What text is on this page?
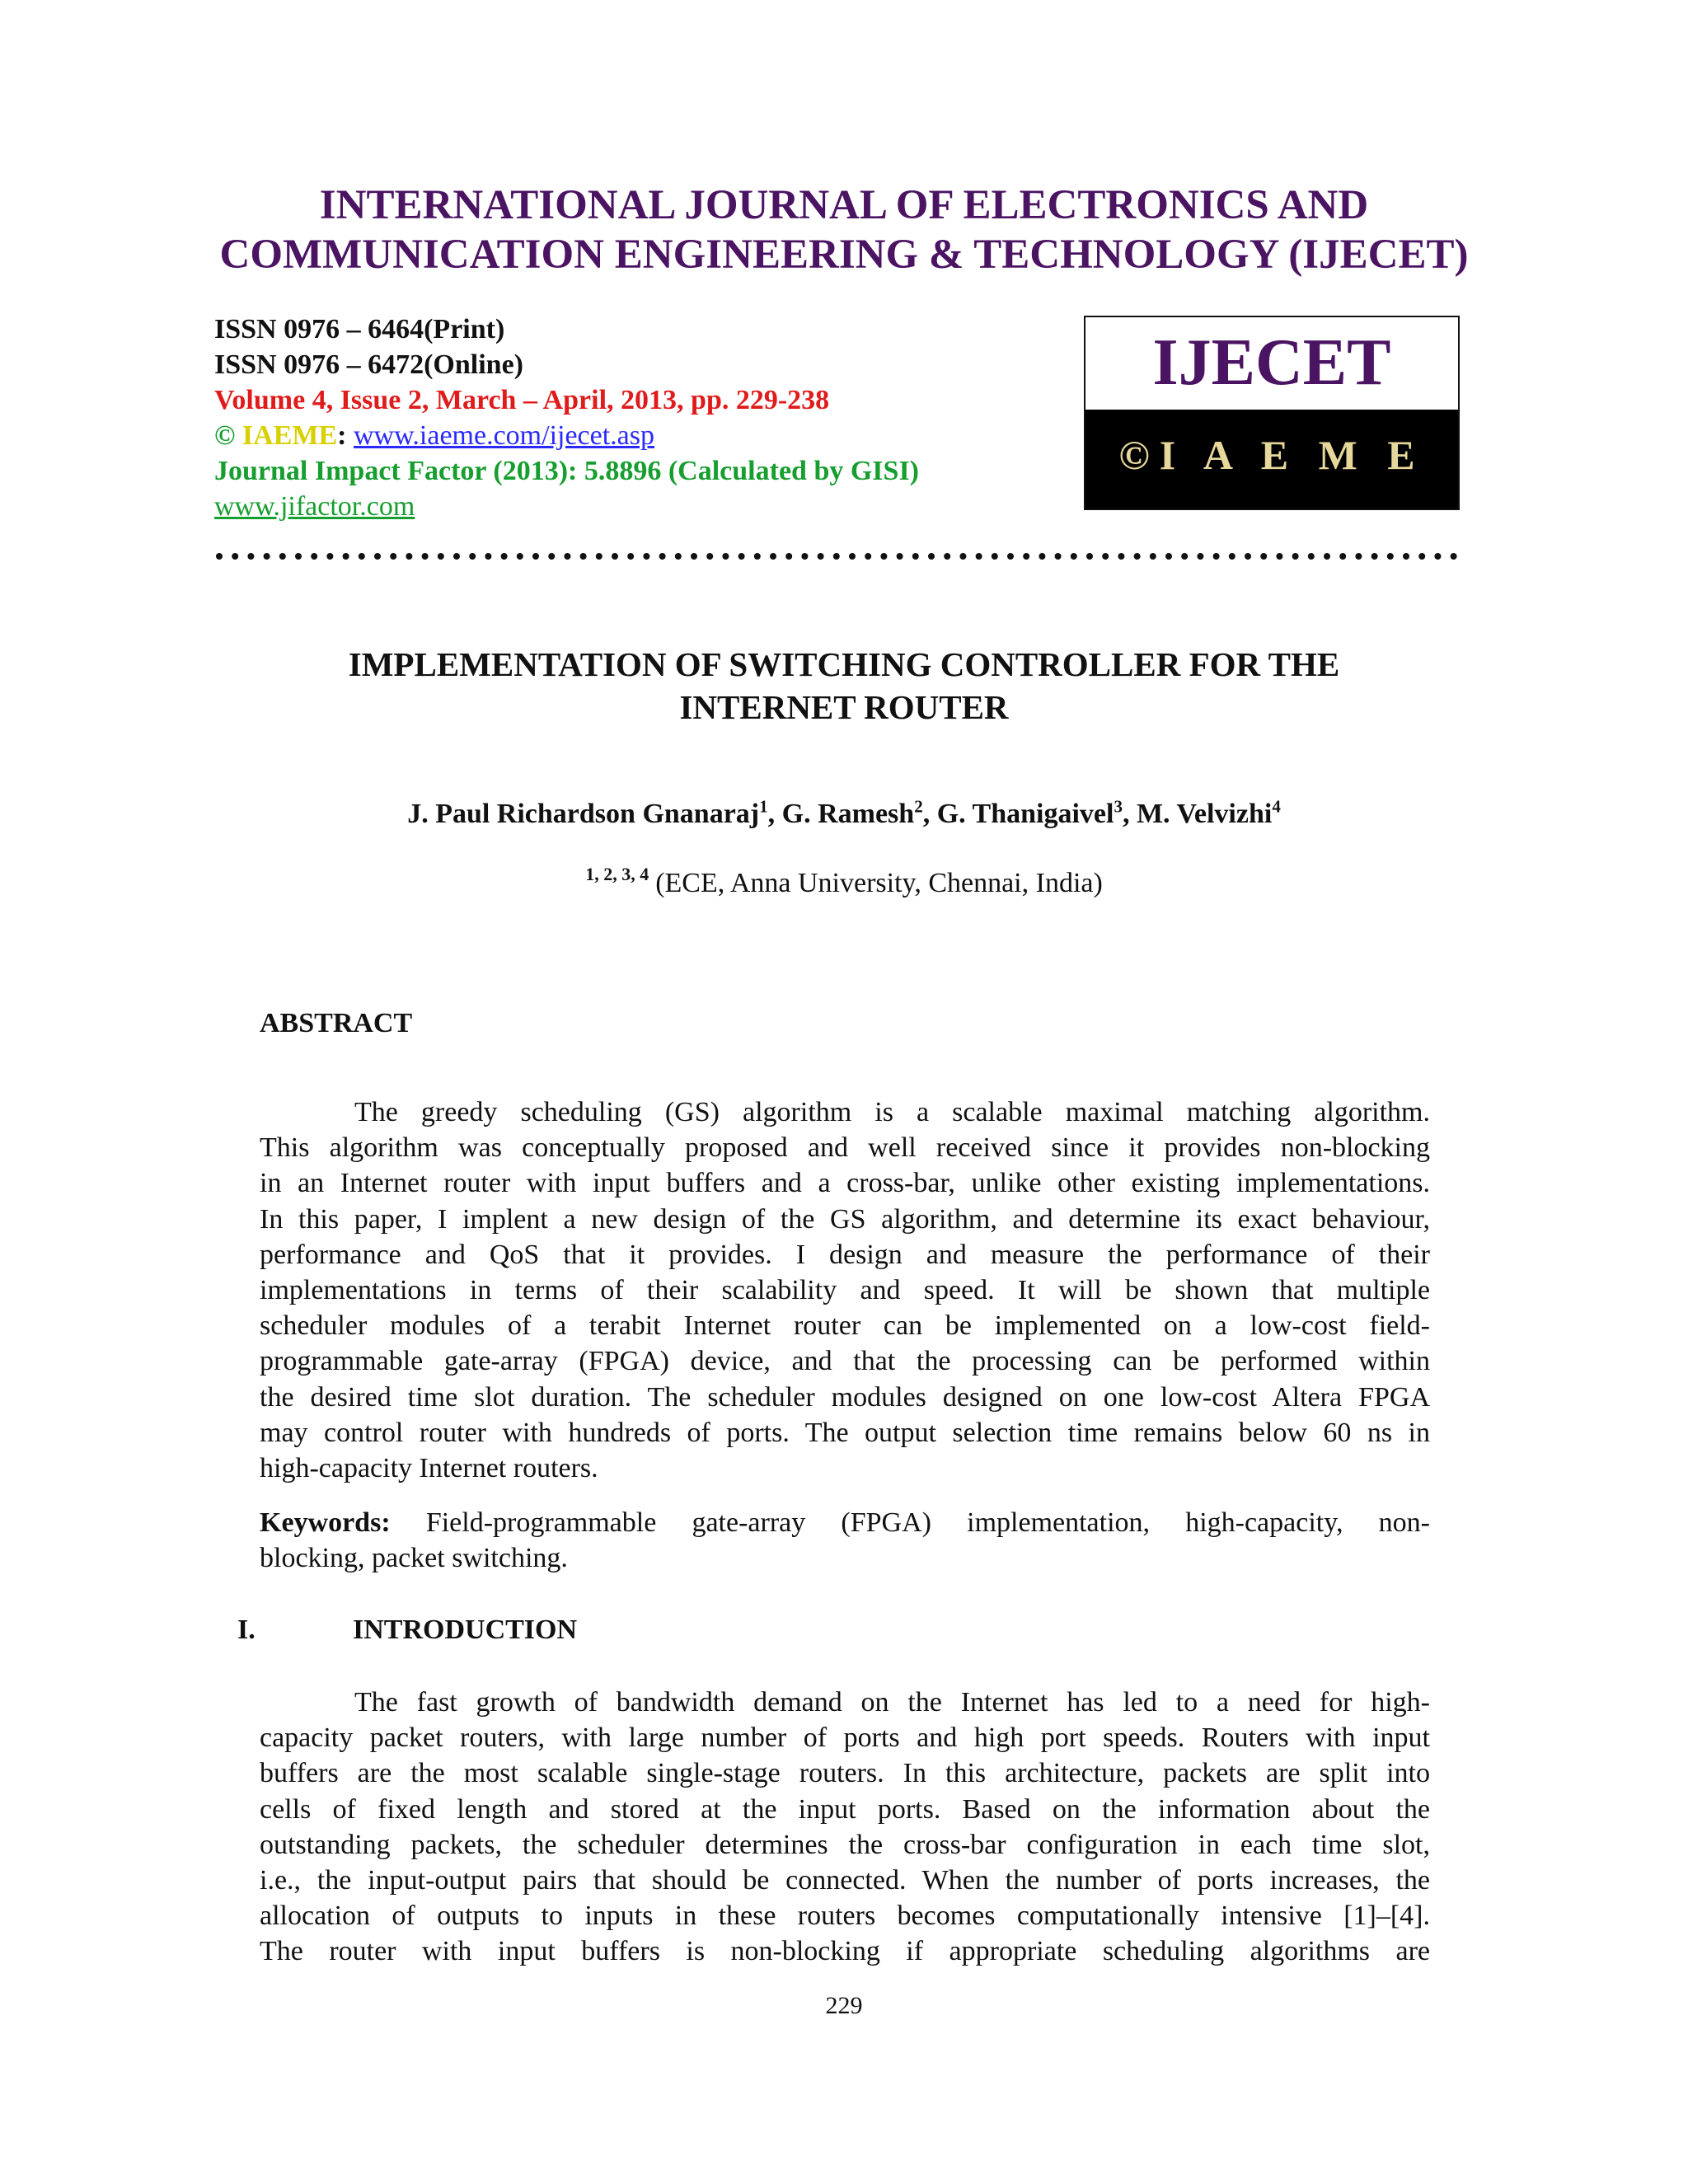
INTERNATIONAL JOURNAL OF ELECTRONICS AND
COMMUNICATION ENGINEERING & TECHNOLOGY (IJECET)
ISSN 0976 – 6464(Print)
ISSN 0976 – 6472(Online)
Volume 4, Issue 2, March – April, 2013, pp. 229-238
© IAEME: www.iaeme.com/ijecet.asp
Journal Impact Factor (2013): 5.8896 (Calculated by GISI)
www.jifactor.com
IJECET
©I A E M E
IMPLEMENTATION OF SWITCHING CONTROLLER FOR THE
INTERNET ROUTER
J. Paul Richardson Gnanaraj$^1$, G. Ramesh$^2$, G. Thanigaivel$^3$, M. Velvizhi$^4$
$^{1, 2, 3, 4}$ (ECE, Anna University, Chennai, India)
ABSTRACT
The greedy scheduling (GS) algorithm is a scalable maximal matching algorithm.
This algorithm was conceptually proposed and well received since it provides non-blocking
in an Internet router with input buffers and a cross-bar, unlike other existing implementations.
In this paper, I implent a new design of the GS algorithm, and determine its exact behaviour,
performance and QoS that it provides. I design and measure the performance of their
implementations in terms of their scalability and speed. It will be shown that multiple
scheduler modules of a terabit Internet router can be implemented on a low-cost field-
programmable gate-array (FPGA) device, and that the processing can be performed within
the desired time slot duration. The scheduler modules designed on one low-cost Altera FPGA
may control router with hundreds of ports. The output selection time remains below 60 ns in
high-capacity Internet routers.
Keywords: Field-programmable gate-array (FPGA) implementation, high-capacity, non-
blocking, packet switching.
I.	INTRODUCTION
The fast growth of bandwidth demand on the Internet has led to a need for high-
capacity packet routers, with large number of ports and high port speeds. Routers with input
buffers are the most scalable single-stage routers. In this architecture, packets are split into
cells of fixed length and stored at the input ports. Based on the information about the
outstanding packets, the scheduler determines the cross-bar configuration in each time slot,
i.e., the input-output pairs that should be connected. When the number of ports increases, the
allocation of outputs to inputs in these routers becomes computationally intensive [1]–[4].
The router with input buffers is non-blocking if appropriate scheduling algorithms are
229
